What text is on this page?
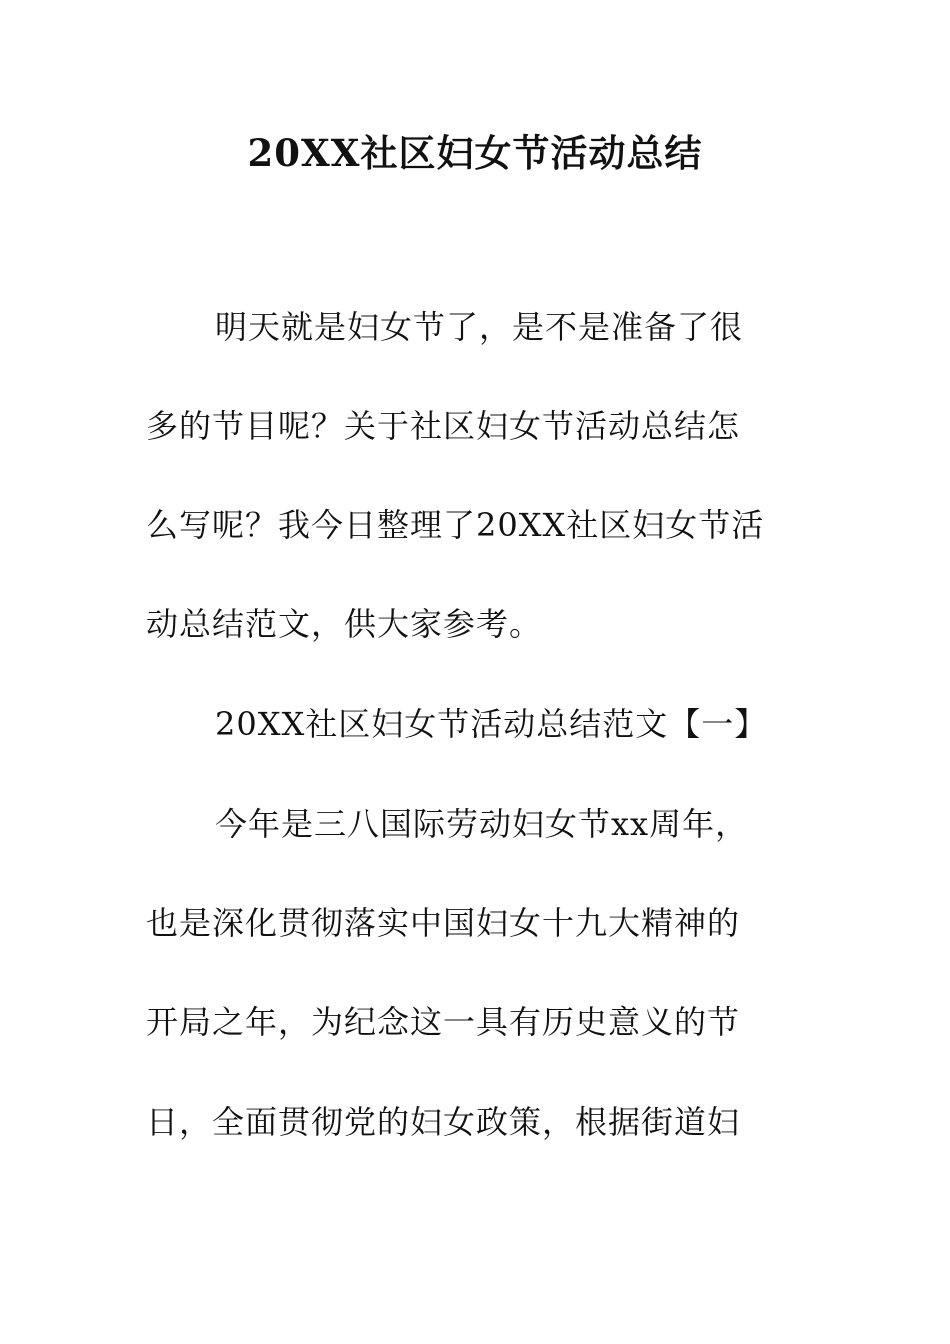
20XX社区妇女节活动总结
明天就是妇女节了，是不是准备了很
多的节目呢？关于社区妇女节活动总结怎
么写呢？我今日整理了20XX社区妇女节活
动总结范文，供大家参考。
20XX社区妇女节活动总结范文【一】
今年是三八国际劳动妇女节xx周年，
也是深化贯彻落实中国妇女十九大精神的
开局之年，为纪念这一具有历史意义的节
日，全面贯彻党的妇女政策，根据街道妇
